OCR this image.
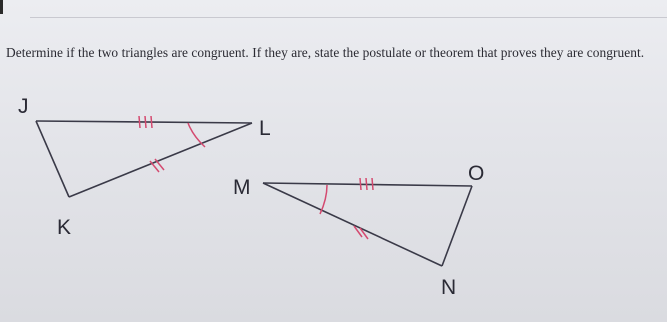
Determine if the two triangles are congruent. If they are, state the postulate or theorem that proves they are congruent.

J
L
K
M
O
N
